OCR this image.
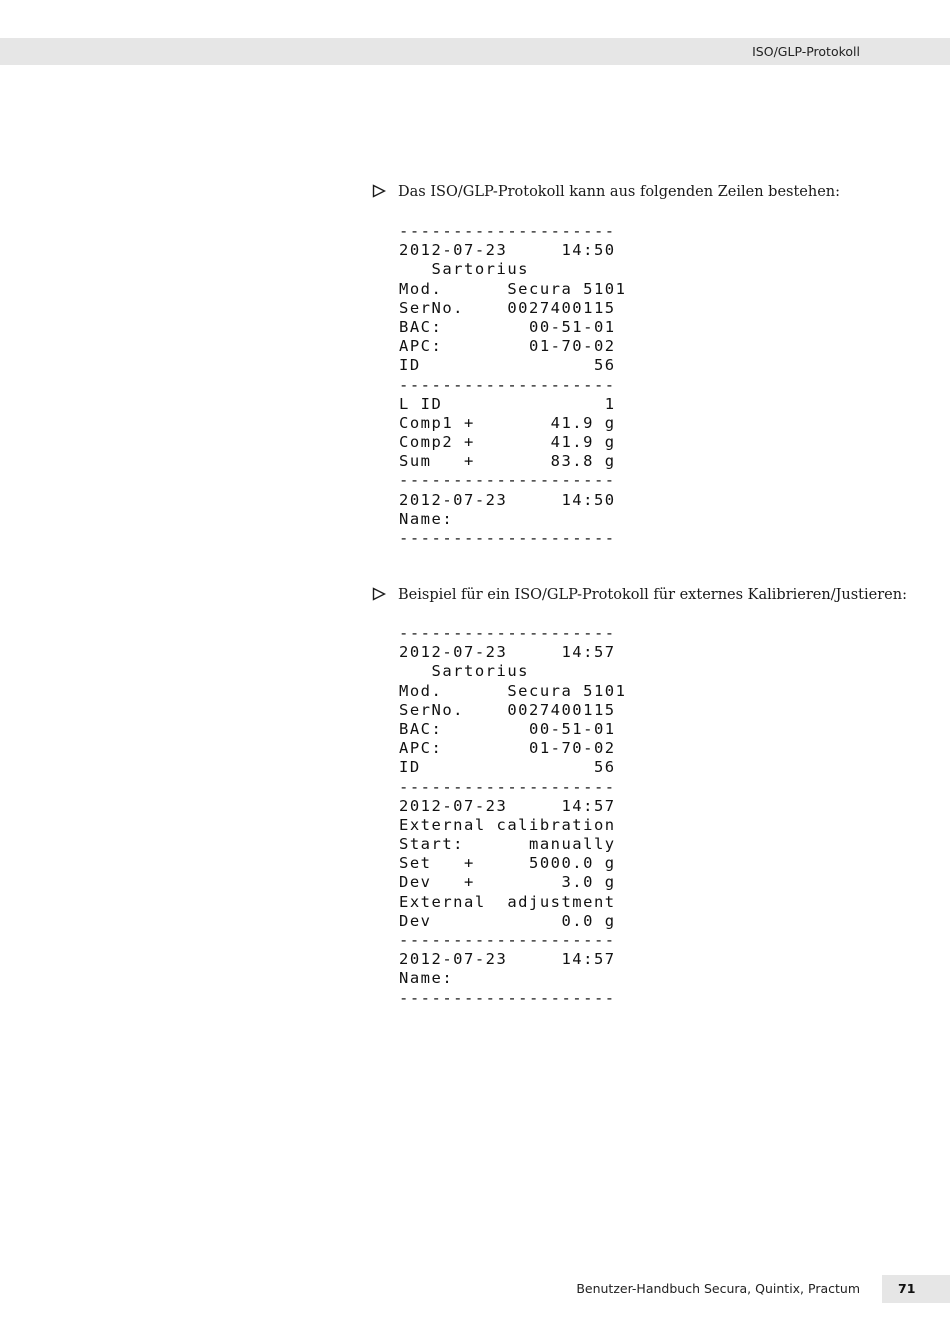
ISO/GLP-Protokoll
Das ISO/GLP-Protokoll kann aus folgenden Zeilen bestehen:
--------------------
2012-07-23     14:50
Sartorius
Mod.      Secura 5101
SerNo.    0027400115
BAC:        00-51-01
APC:        01-70-02
ID                56
--------------------
L ID               1
Comp1 +       41.9 g
Comp2 +       41.9 g
Sum   +       83.8 g
--------------------
2012-07-23     14:50
Name:
--------------------
Beispiel für ein ISO/GLP-Protokoll für externes Kalibrieren/Justieren:
--------------------
2012-07-23     14:57
Sartorius
Mod.      Secura 5101
SerNo.    0027400115
BAC:        00-51-01
APC:        01-70-02
ID                56
--------------------
2012-07-23     14:57
External calibration
Start:      manually
Set   +     5000.0 g
Dev   +        3.0 g
External  adjustment
Dev            0.0 g
--------------------
2012-07-23     14:57
Name:
--------------------
Benutzer-Handbuch Secura, Quintix, Practum	71
